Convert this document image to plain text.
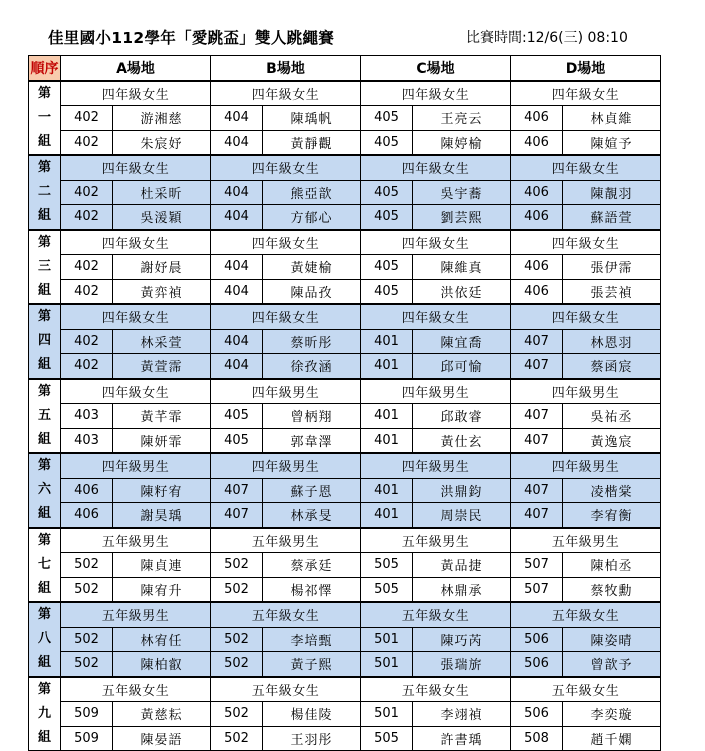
佳里國小112學年「愛跳盃」雙人跳繩賽	比賽時間:12/6(三) 08:10
順序	A場地		B場地		C場地		D場地	

第
一
組	四年級女生		四年級女生		四年級女生		四年級女生	
	402	游湘慈	404	陳瑀帆	405	王亮云	406	林貞維
	402	朱宸妤	404	黃靜觀	405	陳婷榆	406	陳媗予

第
二
組	四年級女生		四年級女生		四年級女生		四年級女生	
	402	杜采昕	404	熊亞歆	405	吳宇蕎	406	陳靚羽
	402	吳湲穎	404	方郁心	405	劉芸熙	406	蘇語萱

第
三
組	四年級女生		四年級女生		四年級女生		四年級女生	
	402	謝妤晨	404	黃婕榆	405	陳維真	406	張伊霈
	402	黃弈禎	404	陳品孜	405	洪依廷	406	張芸禎

第
四
組	四年級女生		四年級女生		四年級女生		四年級女生	
	402	林采萱	404	蔡昕彤	401	陳宜喬	407	林恩羽
	402	黃萱霈	404	徐孜涵	401	邱可愉	407	蔡函宸

第
五
組	四年級女生		四年級男生		四年級男生		四年級男生	
	403	黃芊霏	405	曾柄翔	401	邱敢睿	407	吳祐丞
	403	陳妍霏	405	郭韋澤	401	黃仕玄	407	黃逸宸

第
六
組	四年級男生		四年級男生		四年級男生		四年級男生	
	406	陳籽宥	407	蘇子恩	401	洪鼎鈞	407	凌楷棠
	406	謝昊瑀	407	林承旻	401	周崇民	407	李宥衡

第
七
組	五年級男生		五年級男生		五年級男生		五年級男生	
	502	陳貞連	502	蔡承廷	505	黃品捷	507	陳柏丞
	502	陳宥升	502	楊祁懌	505	林鼎承	507	蔡牧勳

第
八
組	五年級男生		五年級女生		五年級女生		五年級女生	
	502	林宥任	502	李培甄	501	陳巧芮	506	陳姿晴
	502	陳柏叡	502	黃子熙	501	張瑞旂	506	曾歆予

第
九
組	五年級女生		五年級女生		五年級女生		五年級女生	
	509	黃慈耘	502	楊佳陵	501	李翊禎	506	李奕璇
	509	陳晏語	502	王羽彤	505	許書瑀	508	趙千嫻
